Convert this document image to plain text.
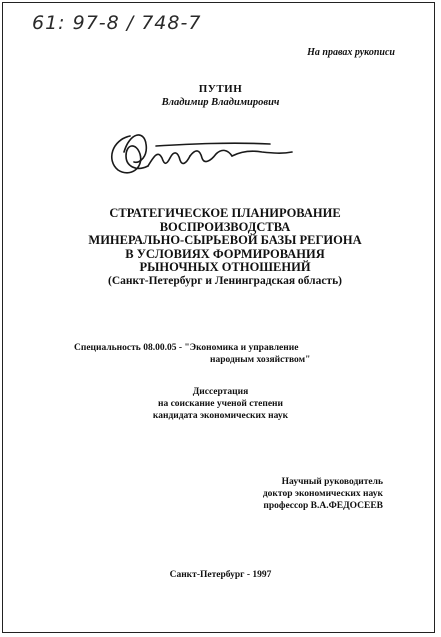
61: 97-8 / 748-7
На правах рукописи
ПУТИН
Владимир Владимирович
СТРАТЕГИЧЕСКОЕ ПЛАНИРОВАНИЕ
ВОСПРОИЗВОДСТВА
МИНЕРАЛЬНО-СЫРЬЕВОЙ БАЗЫ РЕГИОНА
В УСЛОВИЯХ ФОРМИРОВАНИЯ
РЫНОЧНЫХ ОТНОШЕНИЙ
(Санкт-Петербург и Ленинградская область)
Специальность 08.00.05 - "Экономика и управление
народным хозяйством"
Диссертация
на соискание ученой степени
кандидата экономических наук
Научный руководитель
доктор экономических наук
профессор В.А.ФЕДОСЕЕВ
Санкт-Петербург - 1997
